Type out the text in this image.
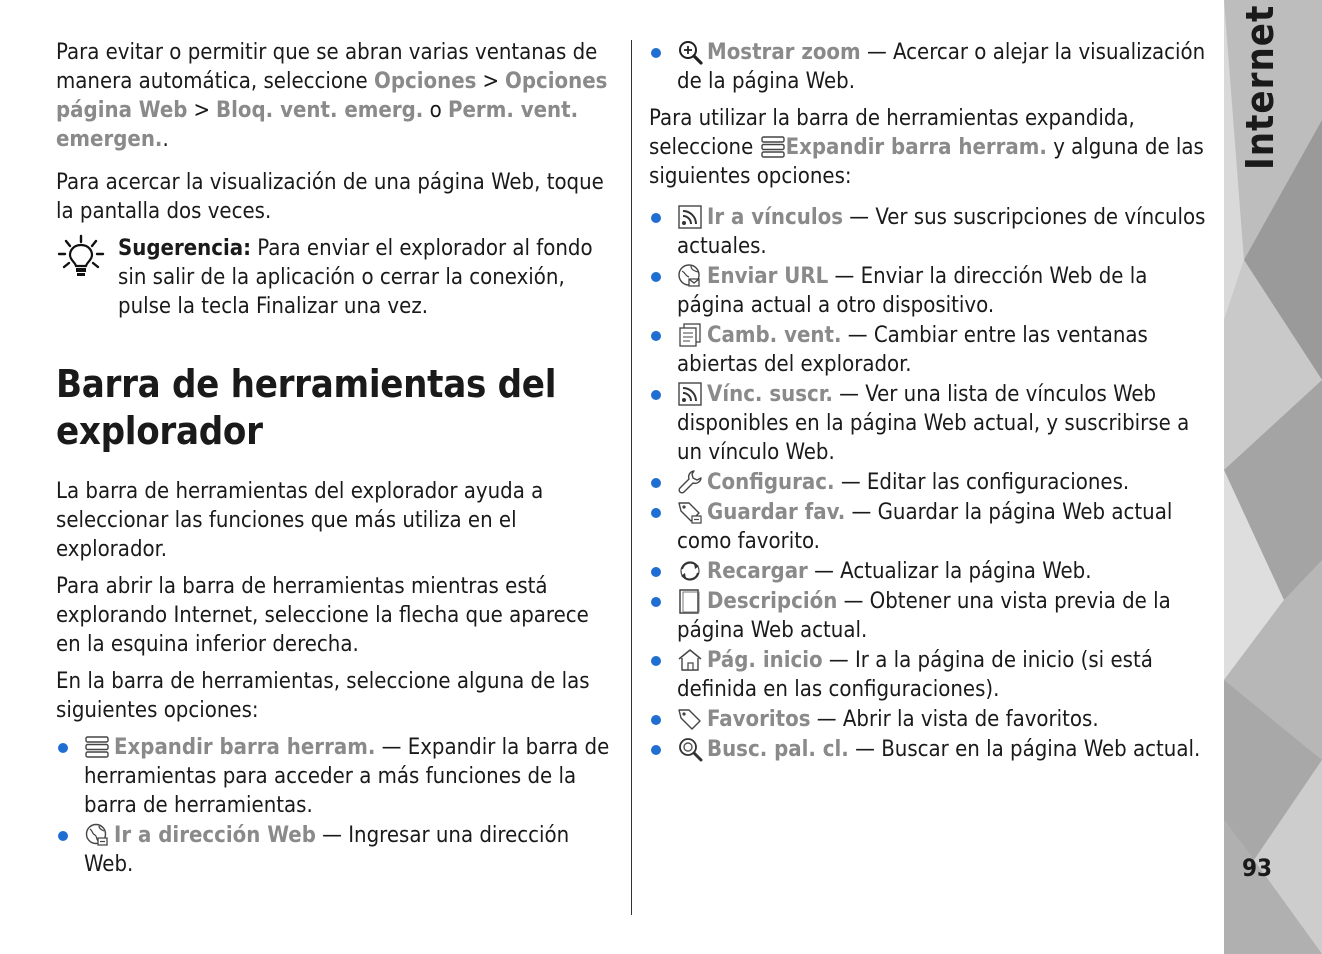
Para evitar o permitir que se abran varias ventanas de manera automática, seleccione Opciones > Opciones página Web > Bloq. vent. emerg. o Perm. vent. emergen..

Para acercar la visualización de una página Web, toque la pantalla dos veces.

Sugerencia: Para enviar el explorador al fondo sin salir de la aplicación o cerrar la conexión, pulse la tecla Finalizar una vez.
Barra de herramientas del explorador

La barra de herramientas del explorador ayuda a seleccionar las funciones que más utiliza en el explorador.

Para abrir la barra de herramientas mientras está explorando Internet, seleccione la flecha que aparece en la esquina inferior derecha.

En la barra de herramientas, seleccione alguna de las siguientes opciones:

Expandir barra herram. — Expandir la barra de herramientas para acceder a más funciones de la barra de herramientas.
Ir a dirección Web — Ingresar una dirección Web.
Mostrar zoom — Acercar o alejar la visualización de la página Web.

Para utilizar la barra de herramientas expandida, seleccione
Expandir barra herram. y alguna de las siguientes opciones:

Ir a vínculos — Ver sus suscripciones de vínculos actuales.
Enviar URL — Enviar la dirección Web de la página actual a otro dispositivo.
Camb. vent. — Cambiar entre las ventanas abiertas del explorador.
Vínc. suscr. — Ver una lista de vínculos Web disponibles en la página Web actual, y suscribirse a un vínculo Web.
Configurac. — Editar las configuraciones.
Guardar fav. — Guardar la página Web actual como favorito.
Recargar — Actualizar la página Web.
Descripción — Obtener una vista previa de la página Web actual.
Pág. inicio — Ir a la página de inicio (si está definida en las configuraciones).
Favoritos — Abrir la vista de favoritos.
Busc. pal. cl. — Buscar en la página Web actual.
Internet
93
